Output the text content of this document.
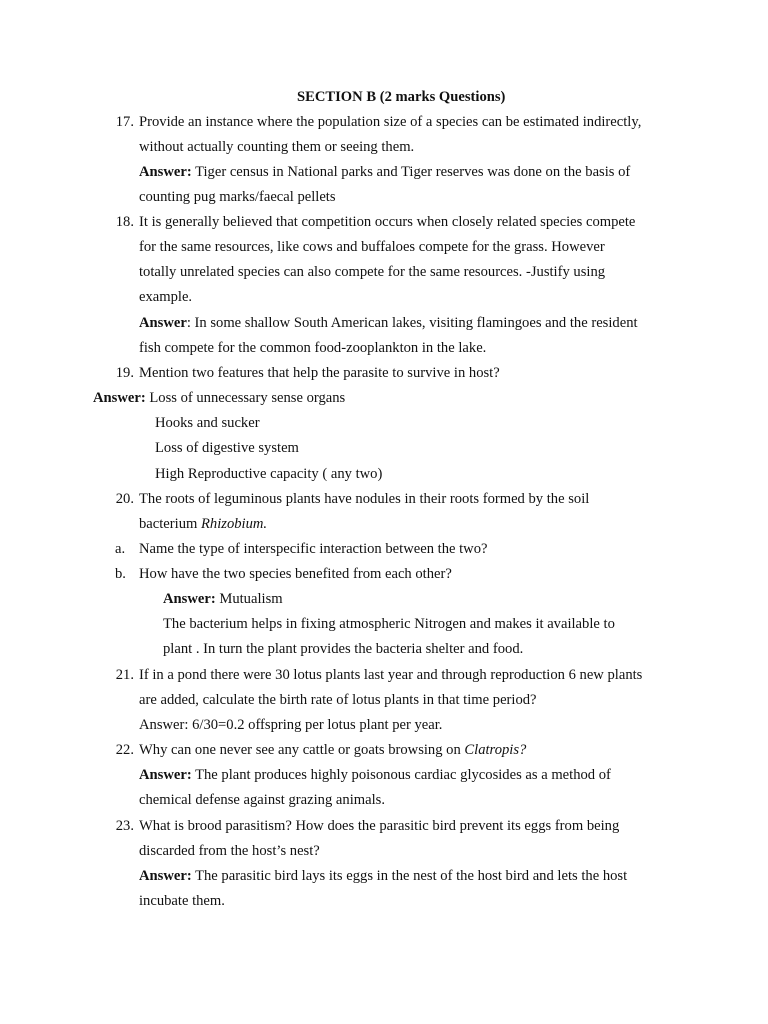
SECTION B (2 marks Questions)
17. Provide an instance where the population size of a species can be estimated indirectly,
without actually counting them or seeing them.
Answer: Tiger census in National parks and Tiger reserves was done on the basis of
counting pug marks/faecal pellets
18. It is generally believed that competition occurs when closely related species compete
for the same resources, like cows and buffaloes compete for the grass. However
totally unrelated species can also compete for the same resources. -Justify using
example.
Answer: In some shallow South American lakes, visiting flamingoes and the resident
fish compete for the common food-zooplankton in the lake.
19. Mention two features that help the parasite to survive in host?
Answer: Loss of unnecessary sense organs
Hooks and sucker
Loss of digestive system
High Reproductive capacity ( any two)
20. The roots of leguminous plants have nodules in their roots formed by the soil
bacterium Rhizobium.
a. Name the type of interspecific interaction between the two?
b. How have the two species benefited from each other?
Answer: Mutualism
The bacterium helps in fixing atmospheric Nitrogen and makes it available to
plant . In turn the plant provides the bacteria shelter and food.
21. If in a pond there were 30 lotus plants last year and through reproduction 6 new plants
are added, calculate the birth rate of lotus plants in that time period?
Answer: 6/30=0.2 offspring per lotus plant per year.
22. Why can one never see any cattle or goats browsing on Clatropis?
Answer: The plant produces highly poisonous cardiac glycosides as a method of
chemical defense against grazing animals.
23. What is brood parasitism? How does the parasitic bird prevent its eggs from being
discarded from the host’s nest?
Answer: The parasitic bird lays its eggs in the nest of the host bird and lets the host
incubate them.
